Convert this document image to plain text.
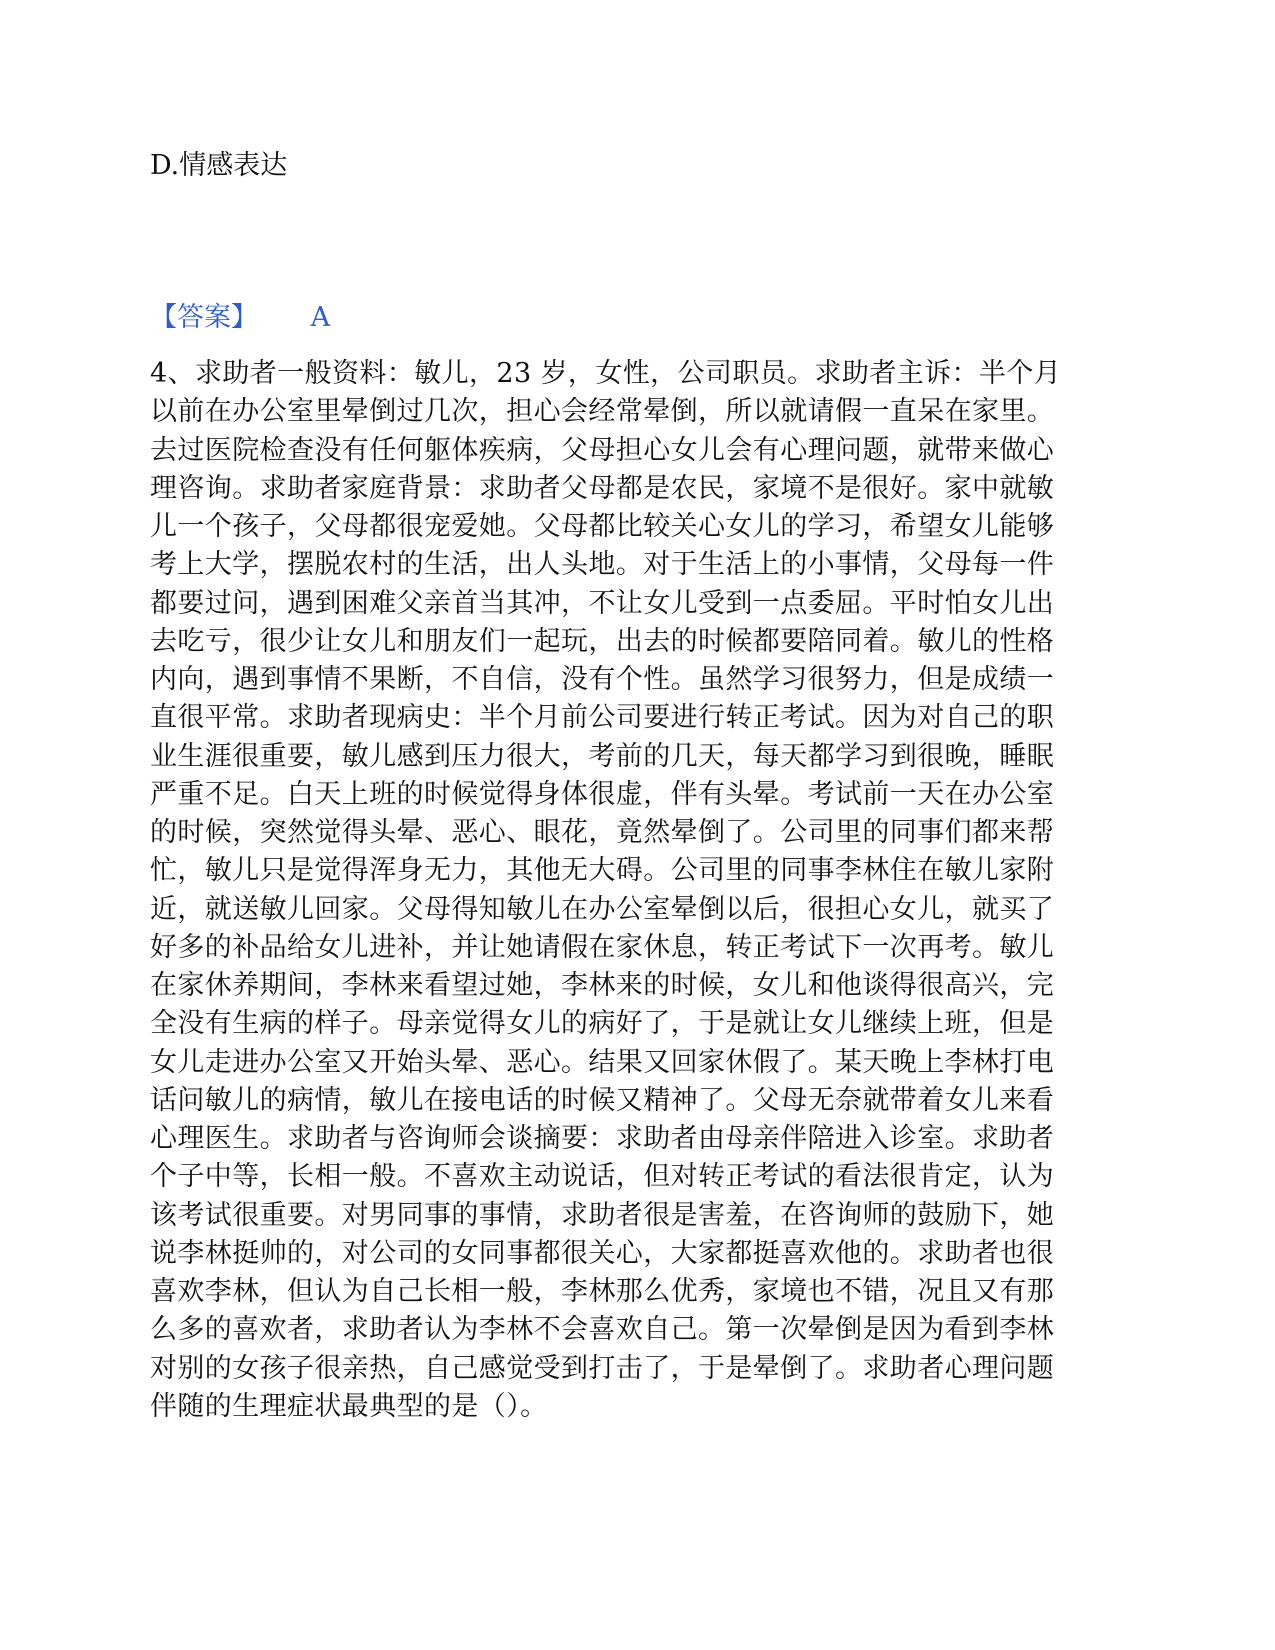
D.情感表达
【答案】 A
4、求助者一般资料：敏儿，23 岁，女性，公司职员。求助者主诉：半个月
以前在办公室里晕倒过几次，担心会经常晕倒，所以就请假一直呆在家里。
去过医院检查没有任何躯体疾病，父母担心女儿会有心理问题，就带来做心
理咨询。求助者家庭背景：求助者父母都是农民，家境不是很好。家中就敏
儿一个孩子，父母都很宠爱她。父母都比较关心女儿的学习，希望女儿能够
考上大学，摆脱农村的生活，出人头地。对于生活上的小事情，父母每一件
都要过问，遇到困难父亲首当其冲，不让女儿受到一点委屈。平时怕女儿出
去吃亏，很少让女儿和朋友们一起玩，出去的时候都要陪同着。敏儿的性格
内向，遇到事情不果断，不自信，没有个性。虽然学习很努力，但是成绩一
直很平常。求助者现病史：半个月前公司要进行转正考试。因为对自己的职
业生涯很重要，敏儿感到压力很大，考前的几天，每天都学习到很晚，睡眠
严重不足。白天上班的时候觉得身体很虚，伴有头晕。考试前一天在办公室
的时候，突然觉得头晕、恶心、眼花，竟然晕倒了。公司里的同事们都来帮
忙，敏儿只是觉得浑身无力，其他无大碍。公司里的同事李林住在敏儿家附
近，就送敏儿回家。父母得知敏儿在办公室晕倒以后，很担心女儿，就买了
好多的补品给女儿进补，并让她请假在家休息，转正考试下一次再考。敏儿
在家休养期间，李林来看望过她，李林来的时候，女儿和他谈得很高兴，完
全没有生病的样子。母亲觉得女儿的病好了，于是就让女儿继续上班，但是
女儿走进办公室又开始头晕、恶心。结果又回家休假了。某天晚上李林打电
话问敏儿的病情，敏儿在接电话的时候又精神了。父母无奈就带着女儿来看
心理医生。求助者与咨询师会谈摘要：求助者由母亲伴陪进入诊室。求助者
个子中等，长相一般。不喜欢主动说话，但对转正考试的看法很肯定，认为
该考试很重要。对男同事的事情，求助者很是害羞，在咨询师的鼓励下，她
说李林挺帅的，对公司的女同事都很关心，大家都挺喜欢他的。求助者也很
喜欢李林，但认为自己长相一般，李林那么优秀，家境也不错，况且又有那
么多的喜欢者，求助者认为李林不会喜欢自己。第一次晕倒是因为看到李林
对别的女孩子很亲热，自己感觉受到打击了，于是晕倒了。求助者心理问题
伴随的生理症状最典型的是（）。
